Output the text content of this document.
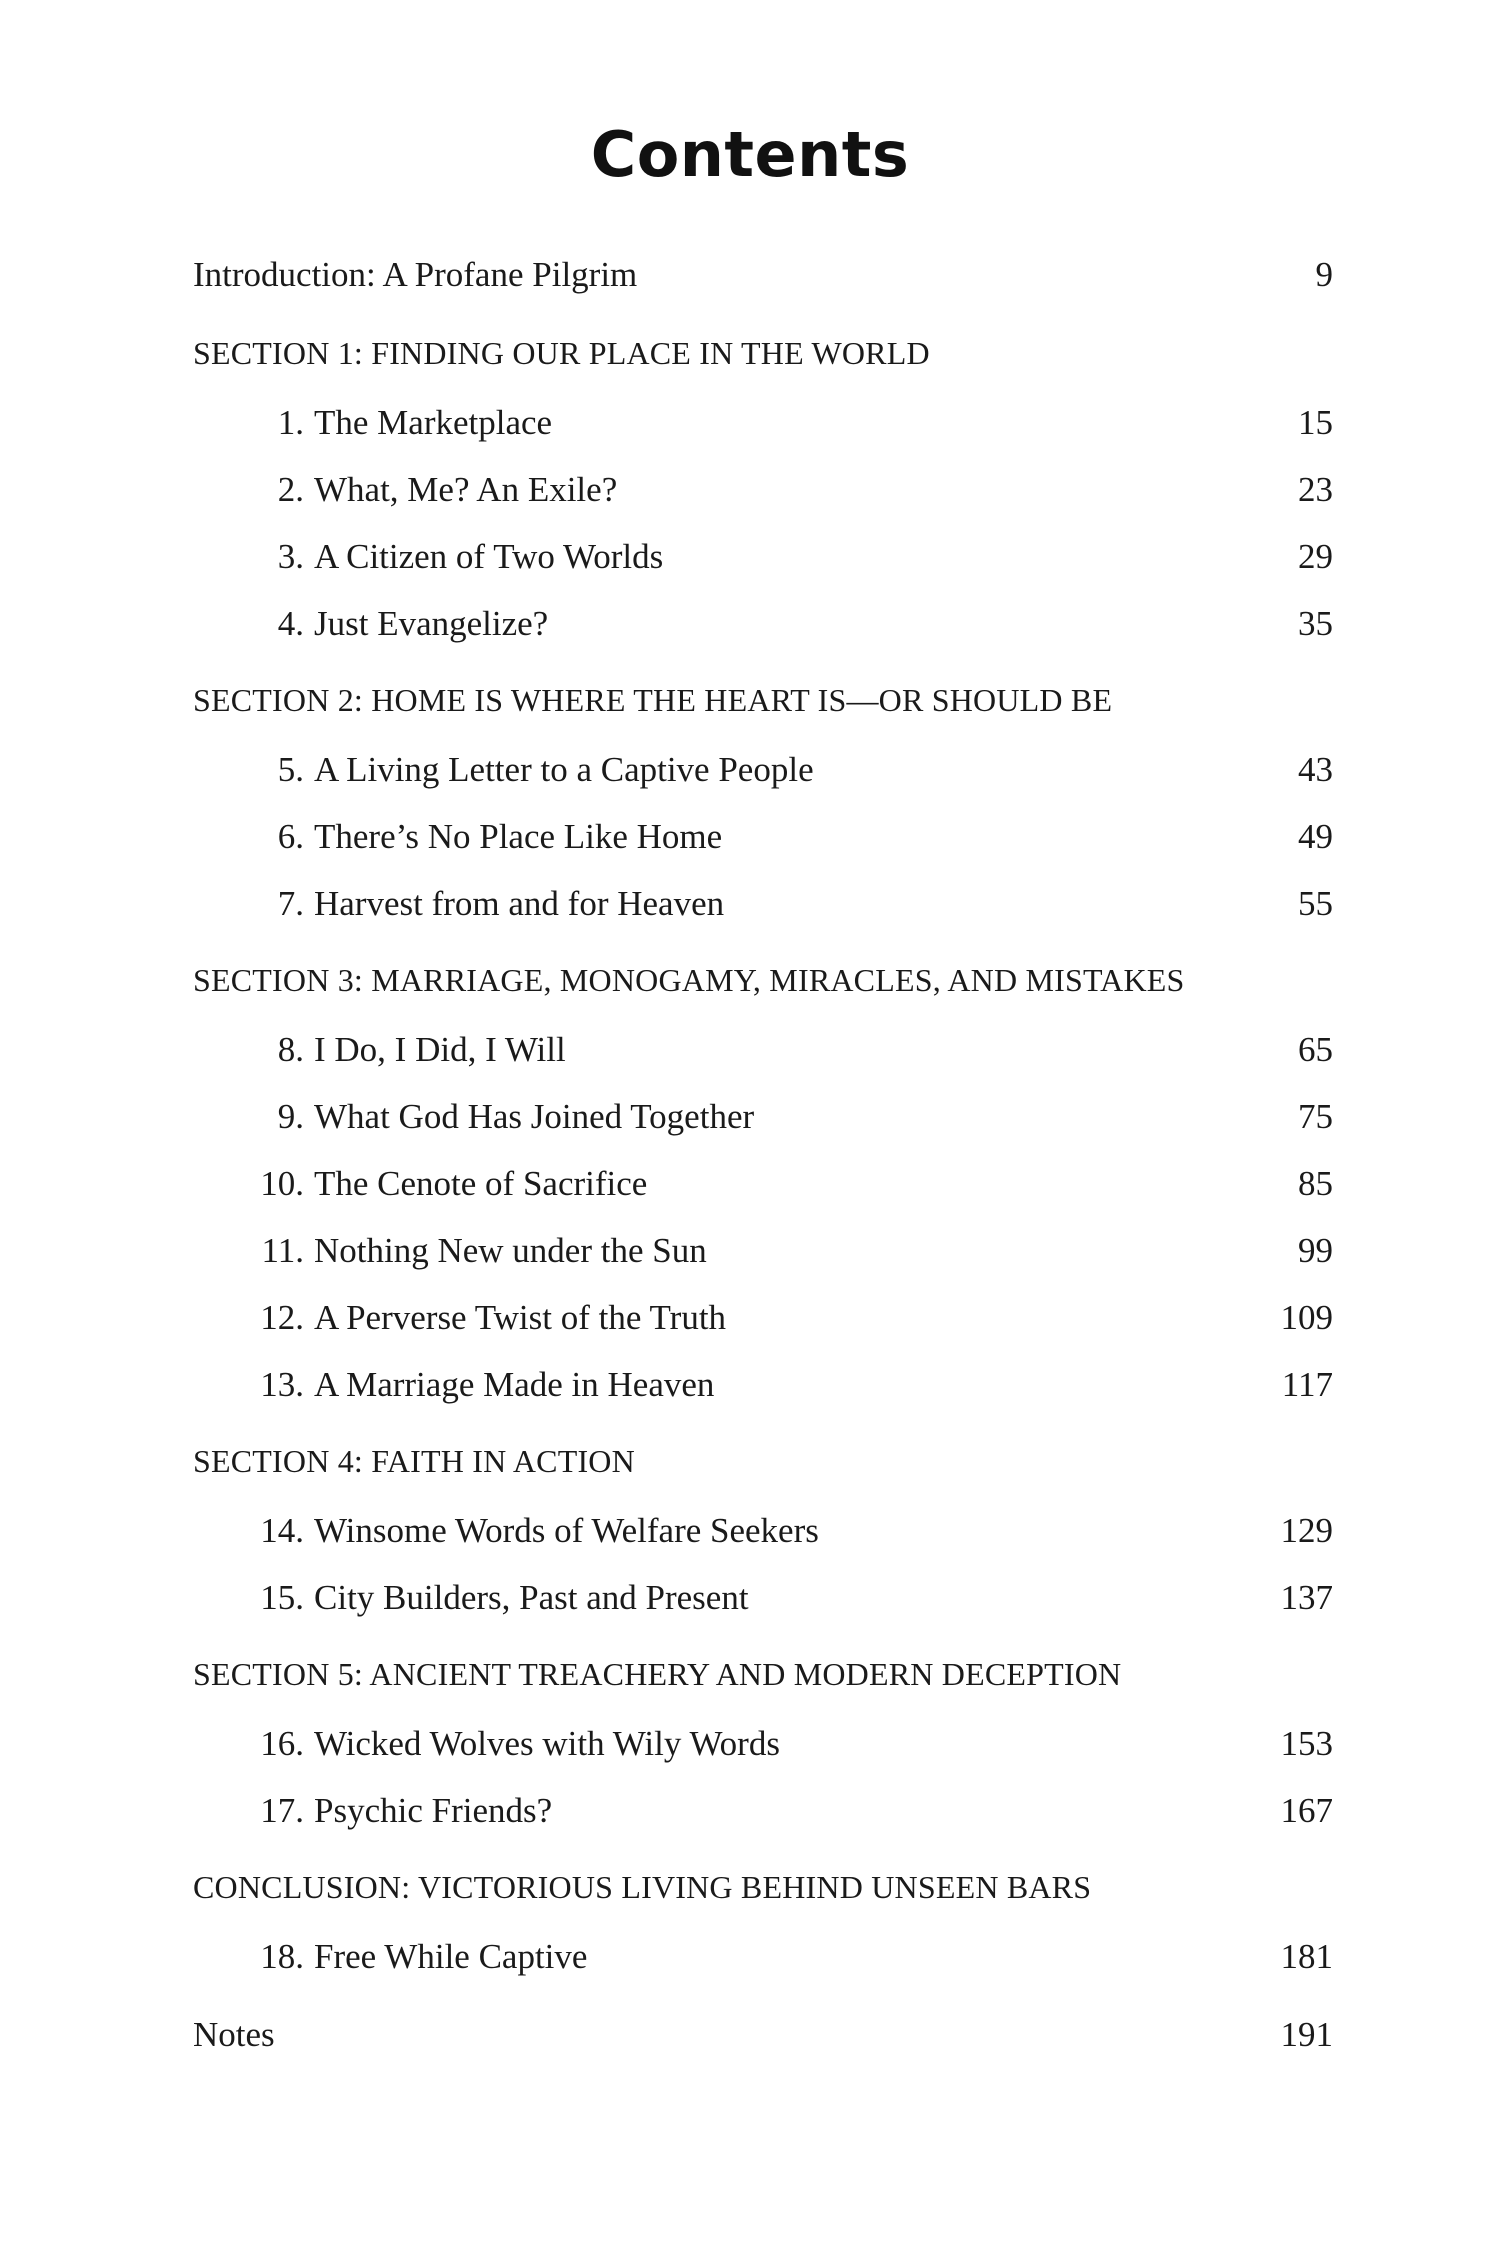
Contents
Introduction: A Profane Pilgrim	9
SECTION 1: FINDING OUR PLACE IN THE WORLD
1. The Marketplace	15
2. What, Me? An Exile?	23
3. A Citizen of Two Worlds	29
4. Just Evangelize?	35
SECTION 2: HOME IS WHERE THE HEART IS—OR SHOULD BE
5. A Living Letter to a Captive People	43
6. There’s No Place Like Home	49
7. Harvest from and for Heaven	55
SECTION 3: MARRIAGE, MONOGAMY, MIRACLES, AND MISTAKES
8. I Do, I Did, I Will	65
9. What God Has Joined Together	75
10. The Cenote of Sacrifice	85
11. Nothing New under the Sun	99
12. A Perverse Twist of the Truth	109
13. A Marriage Made in Heaven	117
SECTION 4: FAITH IN ACTION
14. Winsome Words of Welfare Seekers	129
15. City Builders, Past and Present	137
SECTION 5: ANCIENT TREACHERY AND MODERN DECEPTION
16. Wicked Wolves with Wily Words	153
17. Psychic Friends?	167
CONCLUSION: VICTORIOUS LIVING BEHIND UNSEEN BARS
18. Free While Captive	181
Notes	191
